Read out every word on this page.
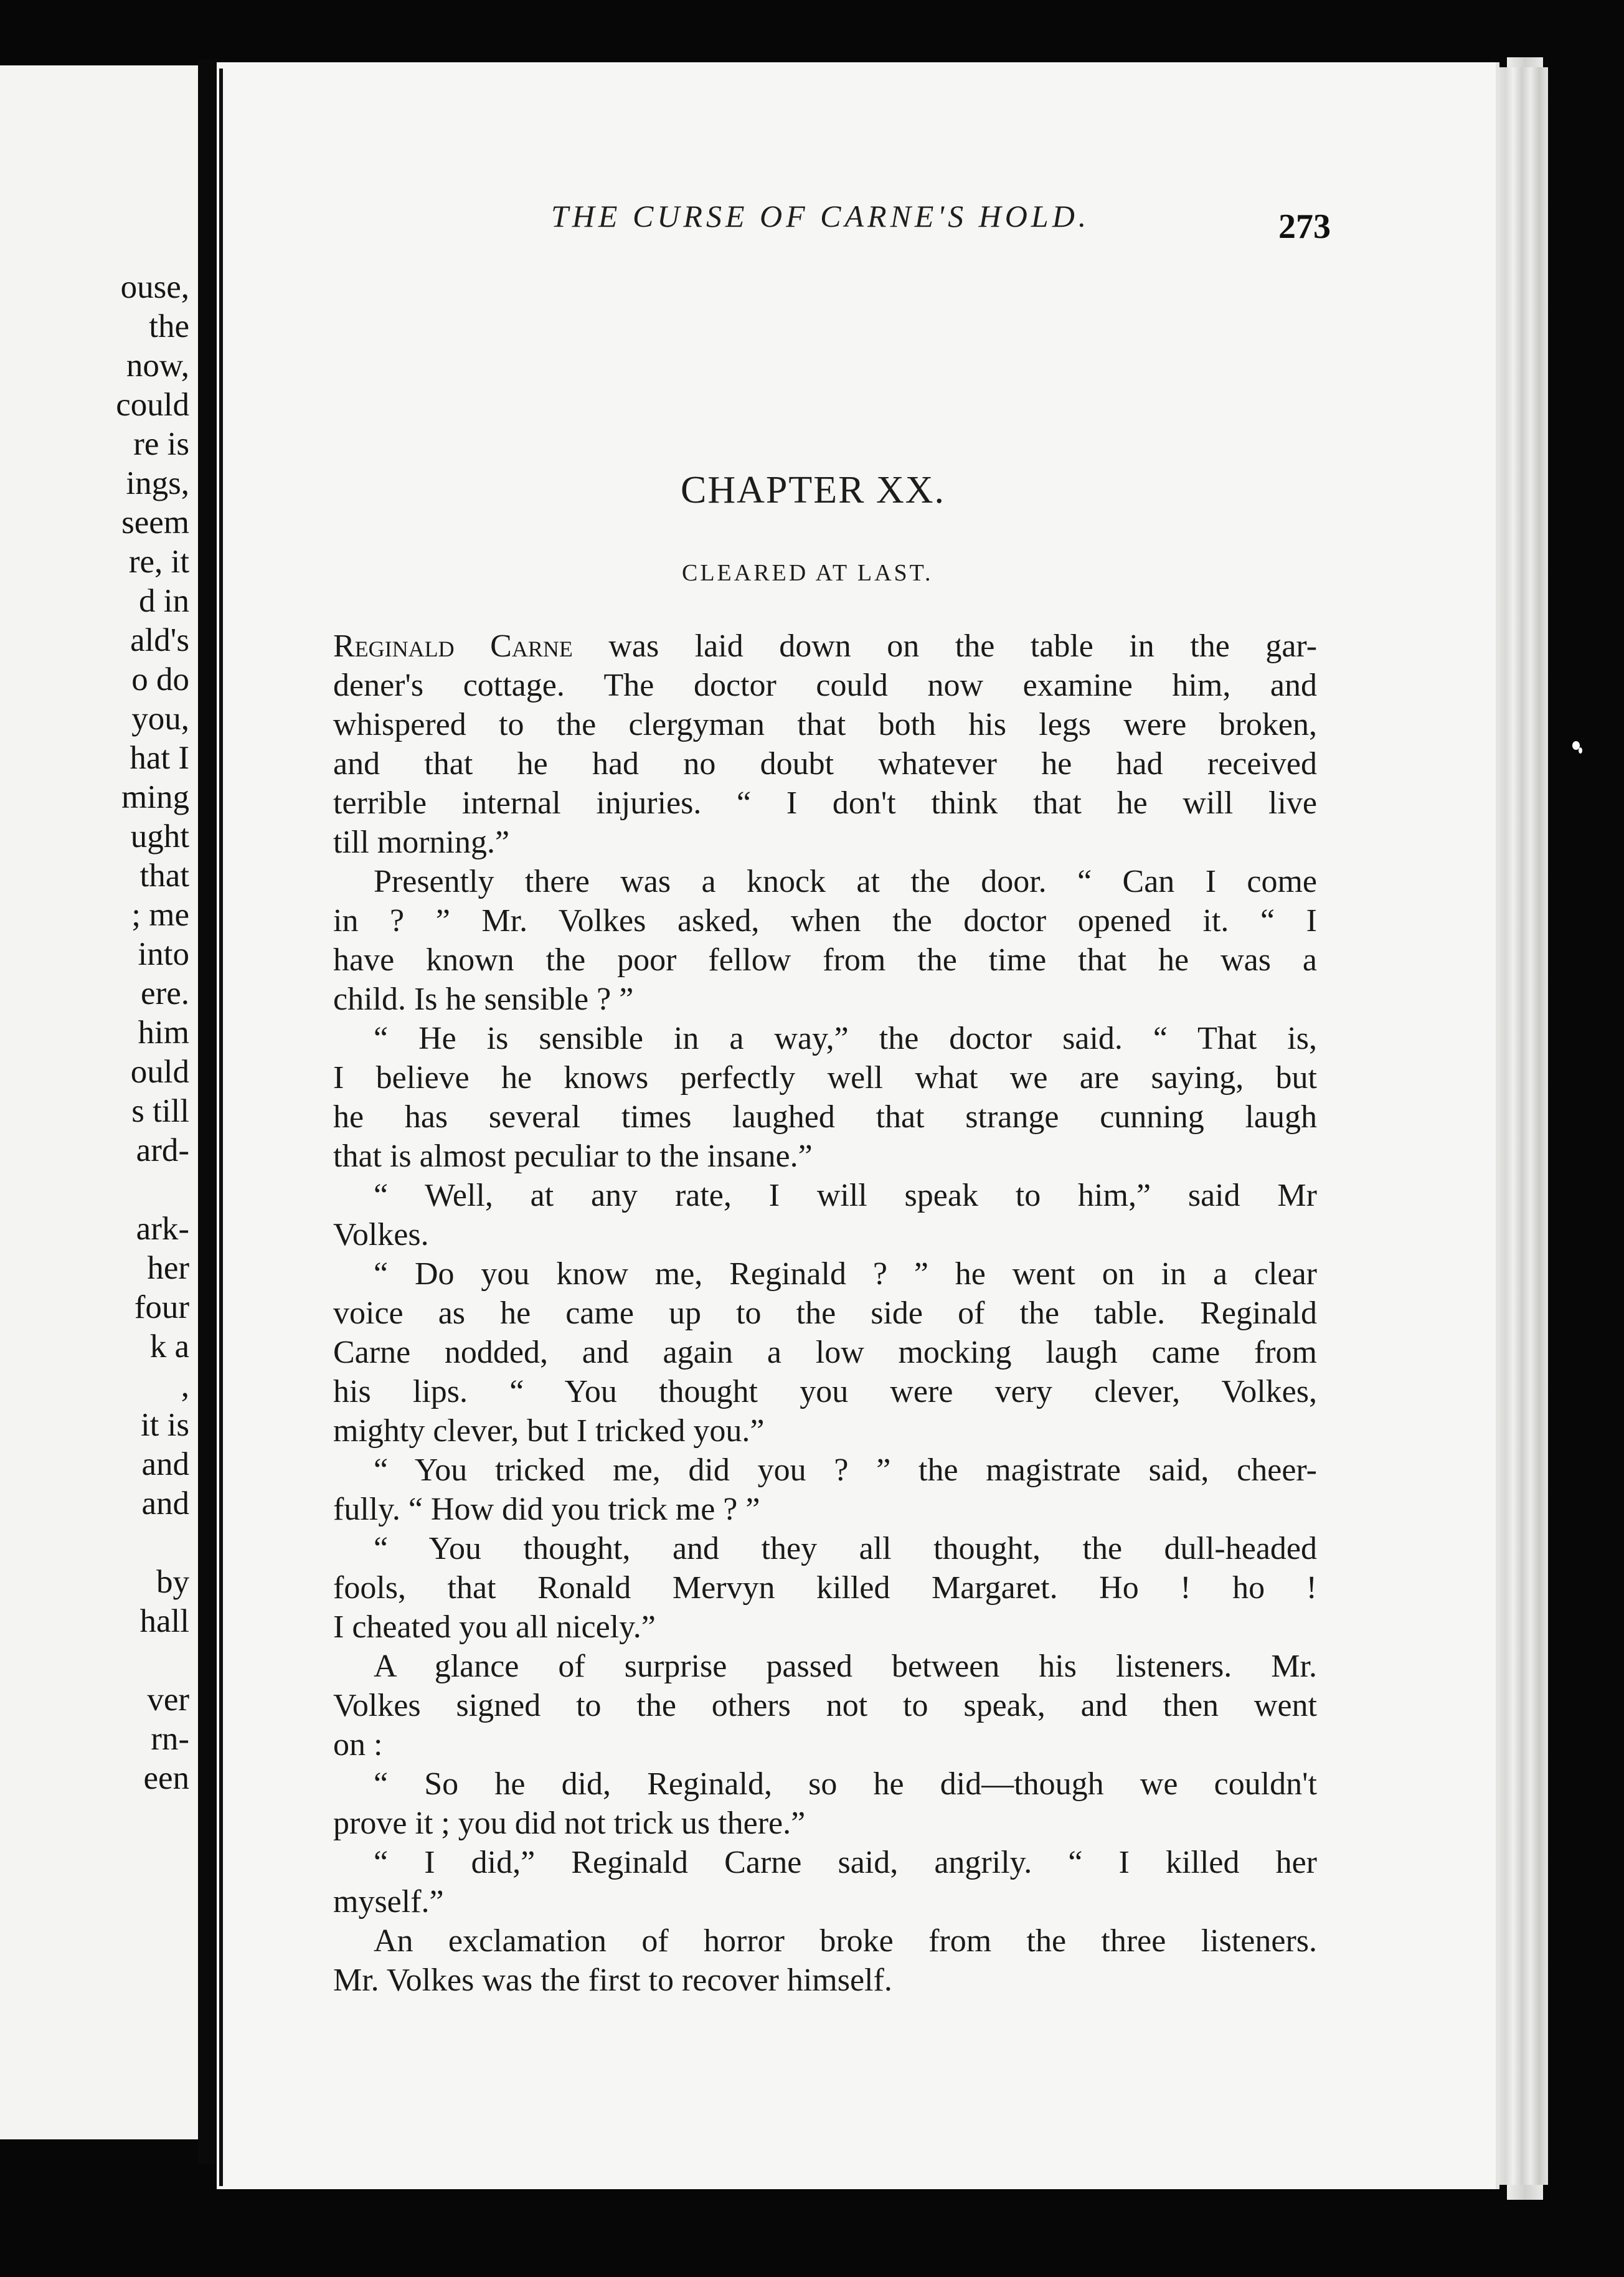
ouse,
the
now,
could
re is
ings,
seem
re, it
d in
ald's
o do
you,
hat I
ming
ught
that
; me
into
ere.
him
ould
s till
ard-
ark-
her
four
k a
,
it is
and
and
by
hall
ver
rn-
een
THE CURSE OF CARNE'S HOLD.	273
CHAPTER XX.
CLEARED AT LAST.
Reginald Carne was laid down on the table in the gar-
dener's cottage. The doctor could now examine him, and
whispered to the clergyman that both his legs were broken,
and that he had no doubt whatever he had received
terrible internal injuries. “ I don't think that he will live
till morning.”
Presently there was a knock at the door. “ Can I come
in ? ” Mr. Volkes asked, when the doctor opened it. “ I
have known the poor fellow from the time that he was a
child. Is he sensible ? ”
“ He is sensible in a way,” the doctor said. “ That is,
I believe he knows perfectly well what we are saying, but
he has several times laughed that strange cunning laugh
that is almost peculiar to the insane.”
“ Well, at any rate, I will speak to him,” said Mr
Volkes.
“ Do you know me, Reginald ? ” he went on in a clear
voice as he came up to the side of the table. Reginald
Carne nodded, and again a low mocking laugh came from
his lips. “ You thought you were very clever, Volkes,
mighty clever, but I tricked you.”
“ You tricked me, did you ? ” the magistrate said, cheer-
fully. “ How did you trick me ? ”
“ You thought, and they all thought, the dull-headed
fools, that Ronald Mervyn killed Margaret. Ho ! ho !
I cheated you all nicely.”
A glance of surprise passed between his listeners. Mr.
Volkes signed to the others not to speak, and then went
on :
“ So he did, Reginald, so he did—though we couldn't
prove it ; you did not trick us there.”
“ I did,” Reginald Carne said, angrily. “ I killed her
myself.”
An exclamation of horror broke from the three listeners.
Mr. Volkes was the first to recover himself.
